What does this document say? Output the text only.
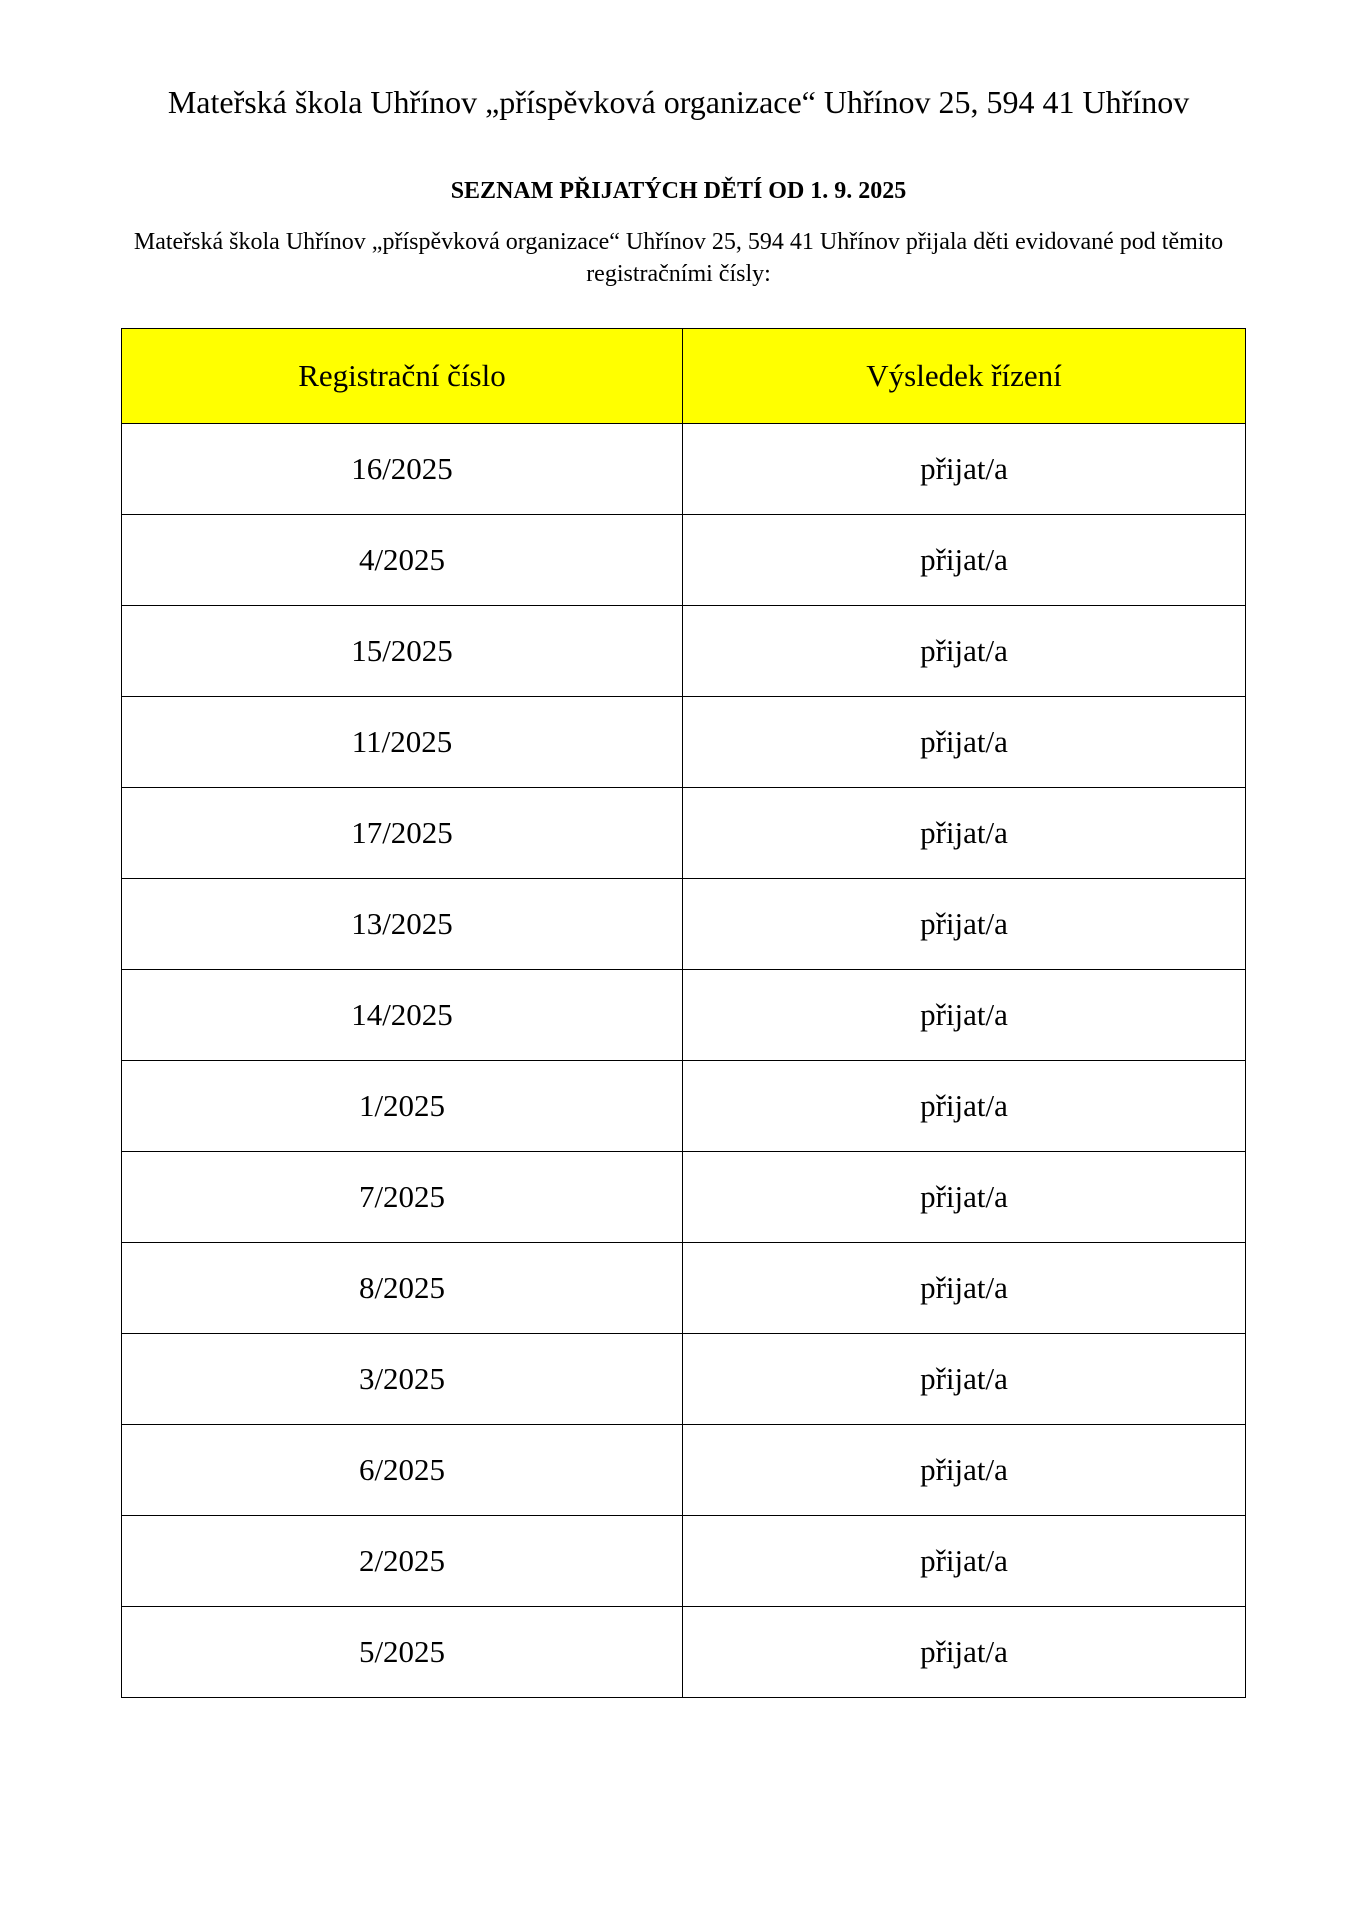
Mateřská škola Uhřínov „příspěvková organizace“ Uhřínov 25, 594 41 Uhřínov
SEZNAM PŘIJATÝCH DĚTÍ OD 1. 9. 2025
Mateřská škola Uhřínov „příspěvková organizace“ Uhřínov 25, 594 41 Uhřínov přijala děti evidované pod těmito registračními čísly:
Registrační číslo	Výsledek řízení
16/2025	přijat/a
4/2025	přijat/a
15/2025	přijat/a
11/2025	přijat/a
17/2025	přijat/a
13/2025	přijat/a
14/2025	přijat/a
1/2025	přijat/a
7/2025	přijat/a
8/2025	přijat/a
3/2025	přijat/a
6/2025	přijat/a
2/2025	přijat/a
5/2025	přijat/a
